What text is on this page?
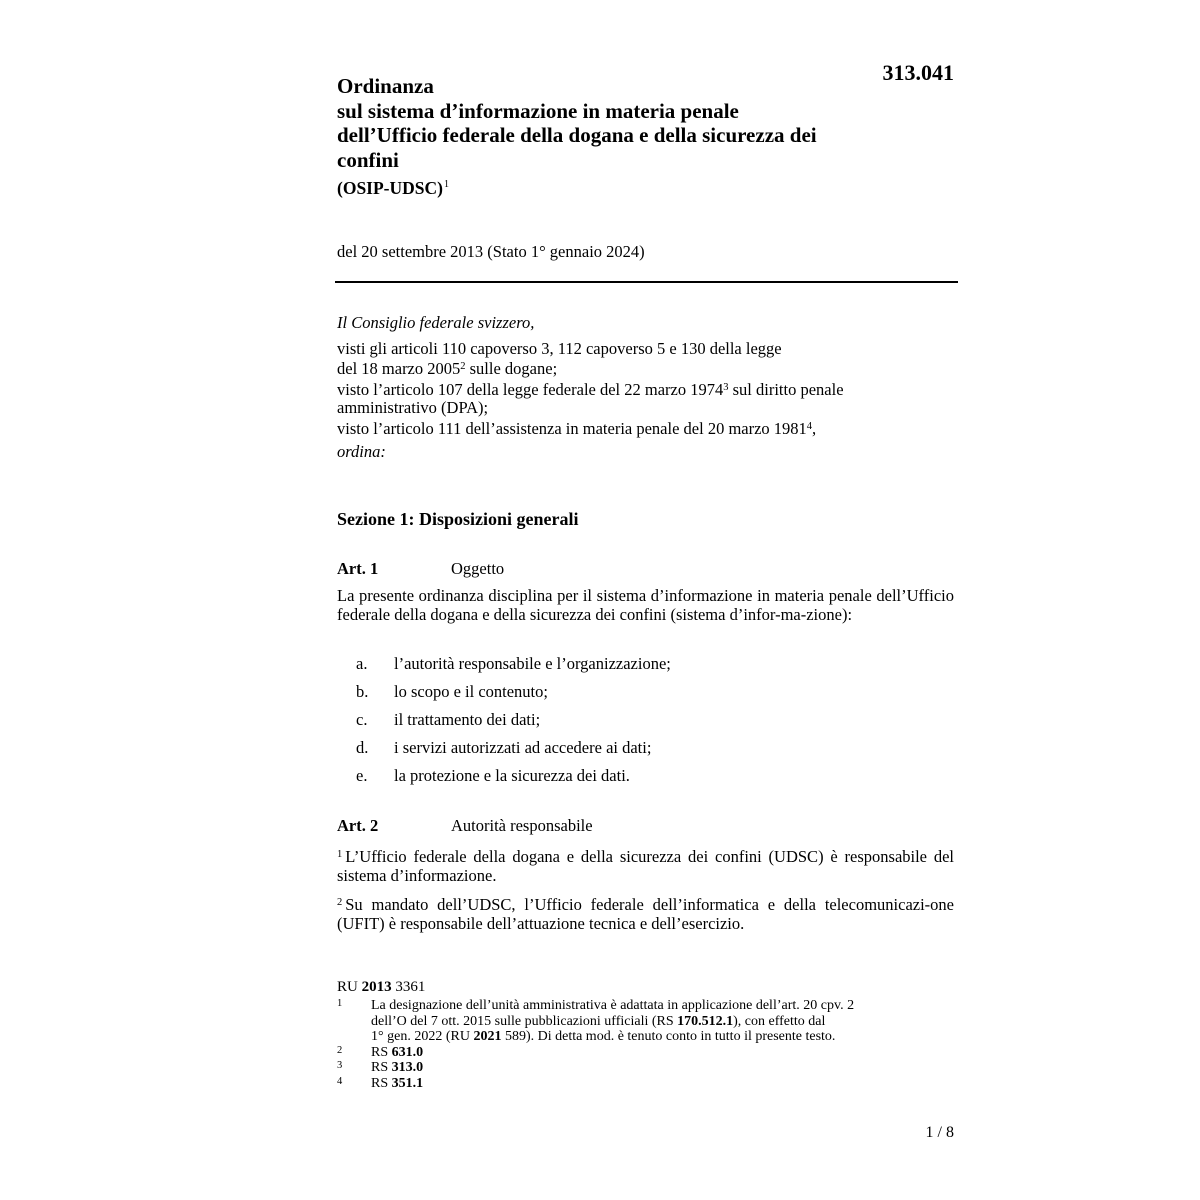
313.041
Ordinanza
sul sistema d’informazione in materia penale
dell’Ufficio federale della dogana e della sicurezza dei
confini
(OSIP-UDSC)$^1$
del 20 settembre 2013 (Stato 1° gennaio 2024)
Il Consiglio federale svizzero,
visti gli articoli 110 capoverso 3, 112 capoverso 5 e 130 della legge
del 18 marzo 2005$^2$ sulle dogane;
visto l’articolo 107 della legge federale del 22 marzo 1974$^3$ sul diritto penale
amministrativo (DPA);
visto l’articolo 111 dell’assistenza in materia penale del 20 marzo 1981$^4$,
ordina:
Sezione 1: Disposizioni generali
Art. 1	Oggetto
La presente ordinanza disciplina per il sistema d’informazione in materia penale dell’Ufficio federale della dogana e della sicurezza dei confini (sistema d’infor-ma-zione):
a.	l’autorità responsabile e l’organizzazione;
b.	lo scopo e il contenuto;
c.	il trattamento dei dati;
d.	i servizi autorizzati ad accedere ai dati;
e.	la protezione e la sicurezza dei dati.
Art. 2	Autorità responsabile
$^1$ L’Ufficio federale della dogana e della sicurezza dei confini (UDSC) è responsabile del sistema d’informazione.
$^2$ Su mandato dell’UDSC, l’Ufficio federale dell’informatica e della telecomunicazi-one (UFIT) è responsabile dell’attuazione tecnica e dell’esercizio.
RU 2013 3361
1	La designazione dell’unità amministrativa è adattata in applicazione dell’art. 20 cpv. 2
dell’O del 7 ott. 2015 sulle pubblicazioni ufficiali (RS 170.512.1), con effetto dal
1° gen. 2022 (RU 2021 589). Di detta mod. è tenuto conto in tutto il presente testo.
2	RS 631.0
3	RS 313.0
4	RS 351.1
1 / 8
